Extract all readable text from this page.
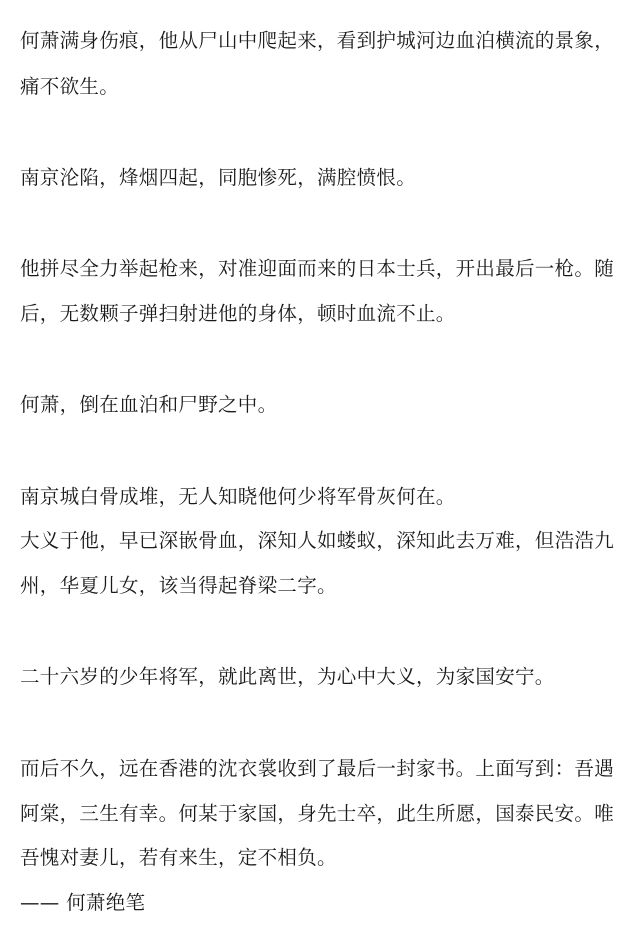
何萧满身伤痕，他从尸山中爬起来，看到护城河边血泊横流的景象，
痛不欲生。
南京沦陷，烽烟四起，同胞惨死，满腔愤恨。
他拼尽全力举起枪来，对准迎面而来的日本士兵，开出最后一枪。随
后，无数颗子弹扫射进他的身体，顿时血流不止。
何萧，倒在血泊和尸野之中。
南京城白骨成堆，无人知晓他何少将军骨灰何在。
大义于他，早已深嵌骨血，深知人如蝼蚁，深知此去万难，但浩浩九
州，华夏儿女，该当得起脊梁二字。
二十六岁的少年将军，就此离世，为心中大义，为家国安宁。
而后不久，远在香港的沈衣裳收到了最后一封家书。上面写到：吾遇
阿棠，三生有幸。何某于家国，身先士卒，此生所愿，国泰民安。唯
吾愧对妻儿，若有来生，定不相负。
—— 何萧绝笔
